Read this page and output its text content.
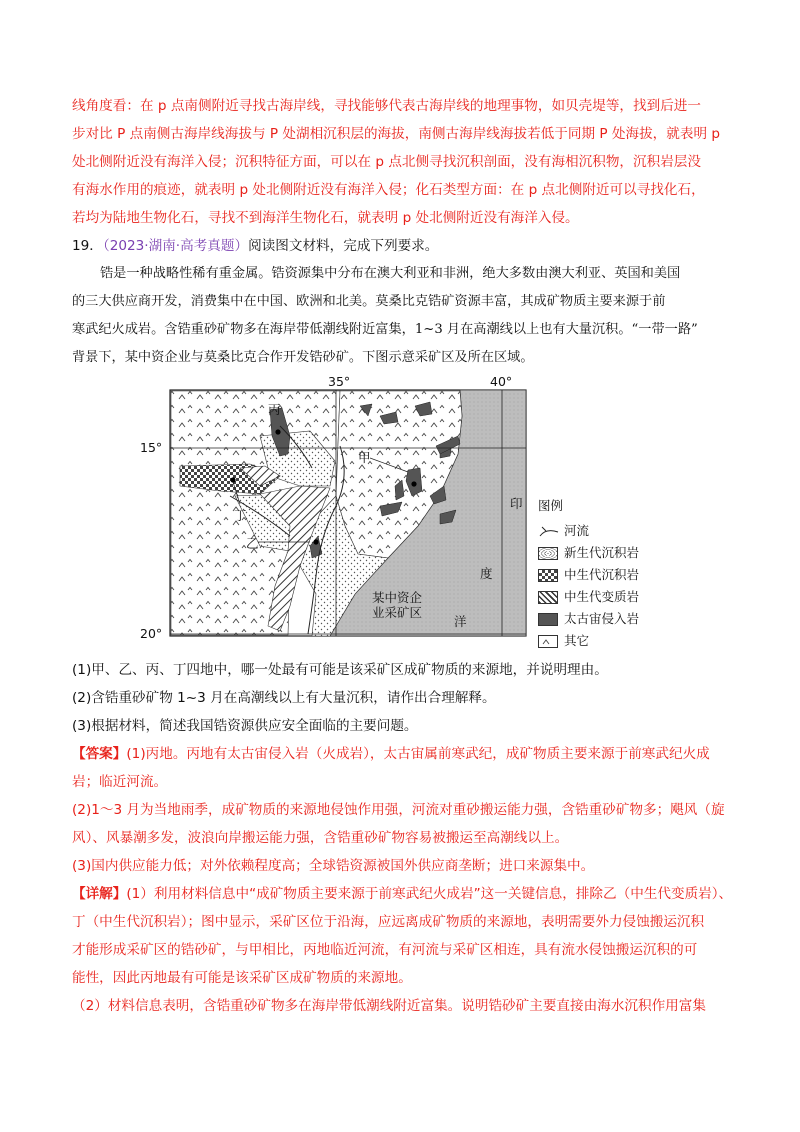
线角度看：在 p 点南侧附近寻找古海岸线，寻找能够代表古海岸线的地理事物，如贝壳堤等，找到后进一
步对比 P 点南侧古海岸线海拔与 P 处湖相沉积层的海拔，南侧古海岸线海拔若低于同期 P 处海拔，就表明 p
处北侧附近没有海洋入侵；沉积特征方面，可以在 p 点北侧寻找沉积剖面，没有海相沉积物，沉积岩层没
有海水作用的痕迹，就表明 p 处北侧附近没有海洋入侵；化石类型方面：在 p 点北侧附近可以寻找化石，
若均为陆地生物化石，寻找不到海洋生物化石，就表明 p 处北侧附近没有海洋入侵。
19．（2023·湖南·高考真题）阅读图文材料，完成下列要求。
锆是一种战略性稀有重金属。锆资源集中分布在澳大利亚和非洲，绝大多数由澳大利亚、英国和美国
的三大供应商开发，消费集中在中国、欧洲和北美。莫桑比克锆矿资源丰富，其成矿物质主要来源于前
寒武纪火成岩。含锆重砂矿物多在海岸带低潮线附近富集，1~3 月在高潮线以上也有大量沉积。“一带一路”
背景下，某中资企业与莫桑比克合作开发锆砂矿。下图示意采矿区及所在区域。
35°	40°
15°
20°
丙
甲
乙
丁
印
度
洋
某中资企
业采矿区
图例
河流
新生代沉积岩
中生代沉积岩
中生代变质岩
太古宙侵入岩
其它
(1)甲、乙、丙、丁四地中，哪一处最有可能是该采矿区成矿物质的来源地，并说明理由。
(2)含锆重砂矿物 1~3 月在高潮线以上有大量沉积，请作出合理解释。
(3)根据材料，简述我国锆资源供应安全面临的主要问题。
【答案】(1)丙地。丙地有太古宙侵入岩（火成岩），太古宙属前寒武纪，成矿物质主要来源于前寒武纪火成
岩；临近河流。
(2)1～3 月为当地雨季，成矿物质的来源地侵蚀作用强，河流对重砂搬运能力强，含锆重砂矿物多；飓风（旋
风）、风暴潮多发，波浪向岸搬运能力强，含锆重砂矿物容易被搬运至高潮线以上。
(3)国内供应能力低；对外依赖程度高；全球锆资源被国外供应商垄断；进口来源集中。
【详解】(1）利用材料信息中“成矿物质主要来源于前寒武纪火成岩”这一关键信息，排除乙（中生代变质岩）、
丁（中生代沉积岩）；图中显示，采矿区位于沿海，应远离成矿物质的来源地，表明需要外力侵蚀搬运沉积
才能形成采矿区的锆砂矿，与甲相比，丙地临近河流，有河流与采矿区相连，具有流水侵蚀搬运沉积的可
能性，因此丙地最有可能是该采矿区成矿物质的来源地。
（2）材料信息表明，含锆重砂矿物多在海岸带低潮线附近富集。说明锆砂矿主要直接由海水沉积作用富集
